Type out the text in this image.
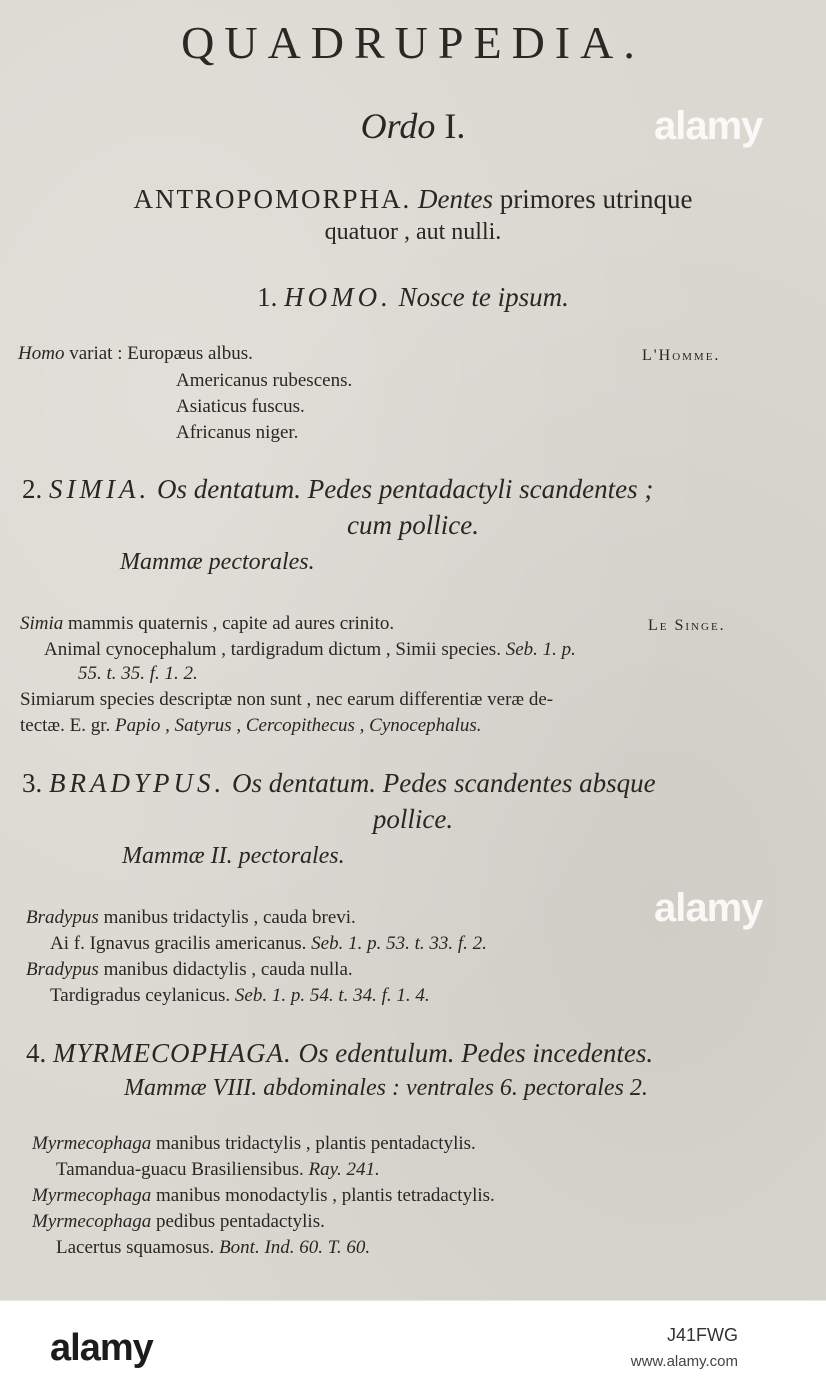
QUADRUPEDIA.
Ordo I.
ANTROPOMORPHA. Dentes primores utrinque
quatuor , aut nulli.
1. HOMO. Nosce te ipsum.
Homo variat : Europæus albus.	L'Homme.
Americanus rubescens.
Asiaticus fuscus.
Africanus niger.
2. SIMIA. Os dentatum. Pedes pentadactyli scandentes ;
cum pollice.
Mammæ pectorales.
Simia mammis quaternis , capite ad aures crinito.	Le Singe.
Animal cynocephalum , tardigradum dictum , Simii species. Seb. 1. p.
55. t. 35. f. 1. 2.
Simiarum species descriptæ non sunt , nec earum differentiæ veræ de-
tectæ. E. gr. Papio , Satyrus , Cercopithecus , Cynocephalus.
3. BRADYPUS. Os dentatum. Pedes scandentes absque
pollice.
Mammæ II. pectorales.
Bradypus manibus tridactylis , cauda brevi.
Ai f. Ignavus gracilis americanus. Seb. 1. p. 53. t. 33. f. 2.
Bradypus manibus didactylis , cauda nulla.
Tardigradus ceylanicus. Seb. 1. p. 54. t. 34. f. 1. 4.
4. MYRMECOPHAGA. Os edentulum. Pedes incedentes.
Mammæ VIII. abdominales : ventrales 6. pectorales 2.
Myrmecophaga manibus tridactylis , plantis pentadactylis.
Tamandua-guacu Brasiliensibus. Ray. 241.
Myrmecophaga manibus monodactylis , plantis tetradactylis.
Myrmecophaga pedibus pentadactylis.
Lacertus squamosus. Bont. Ind. 60. T. 60.
alamy
alamy
alamy	J41FWG
www.alamy.com
